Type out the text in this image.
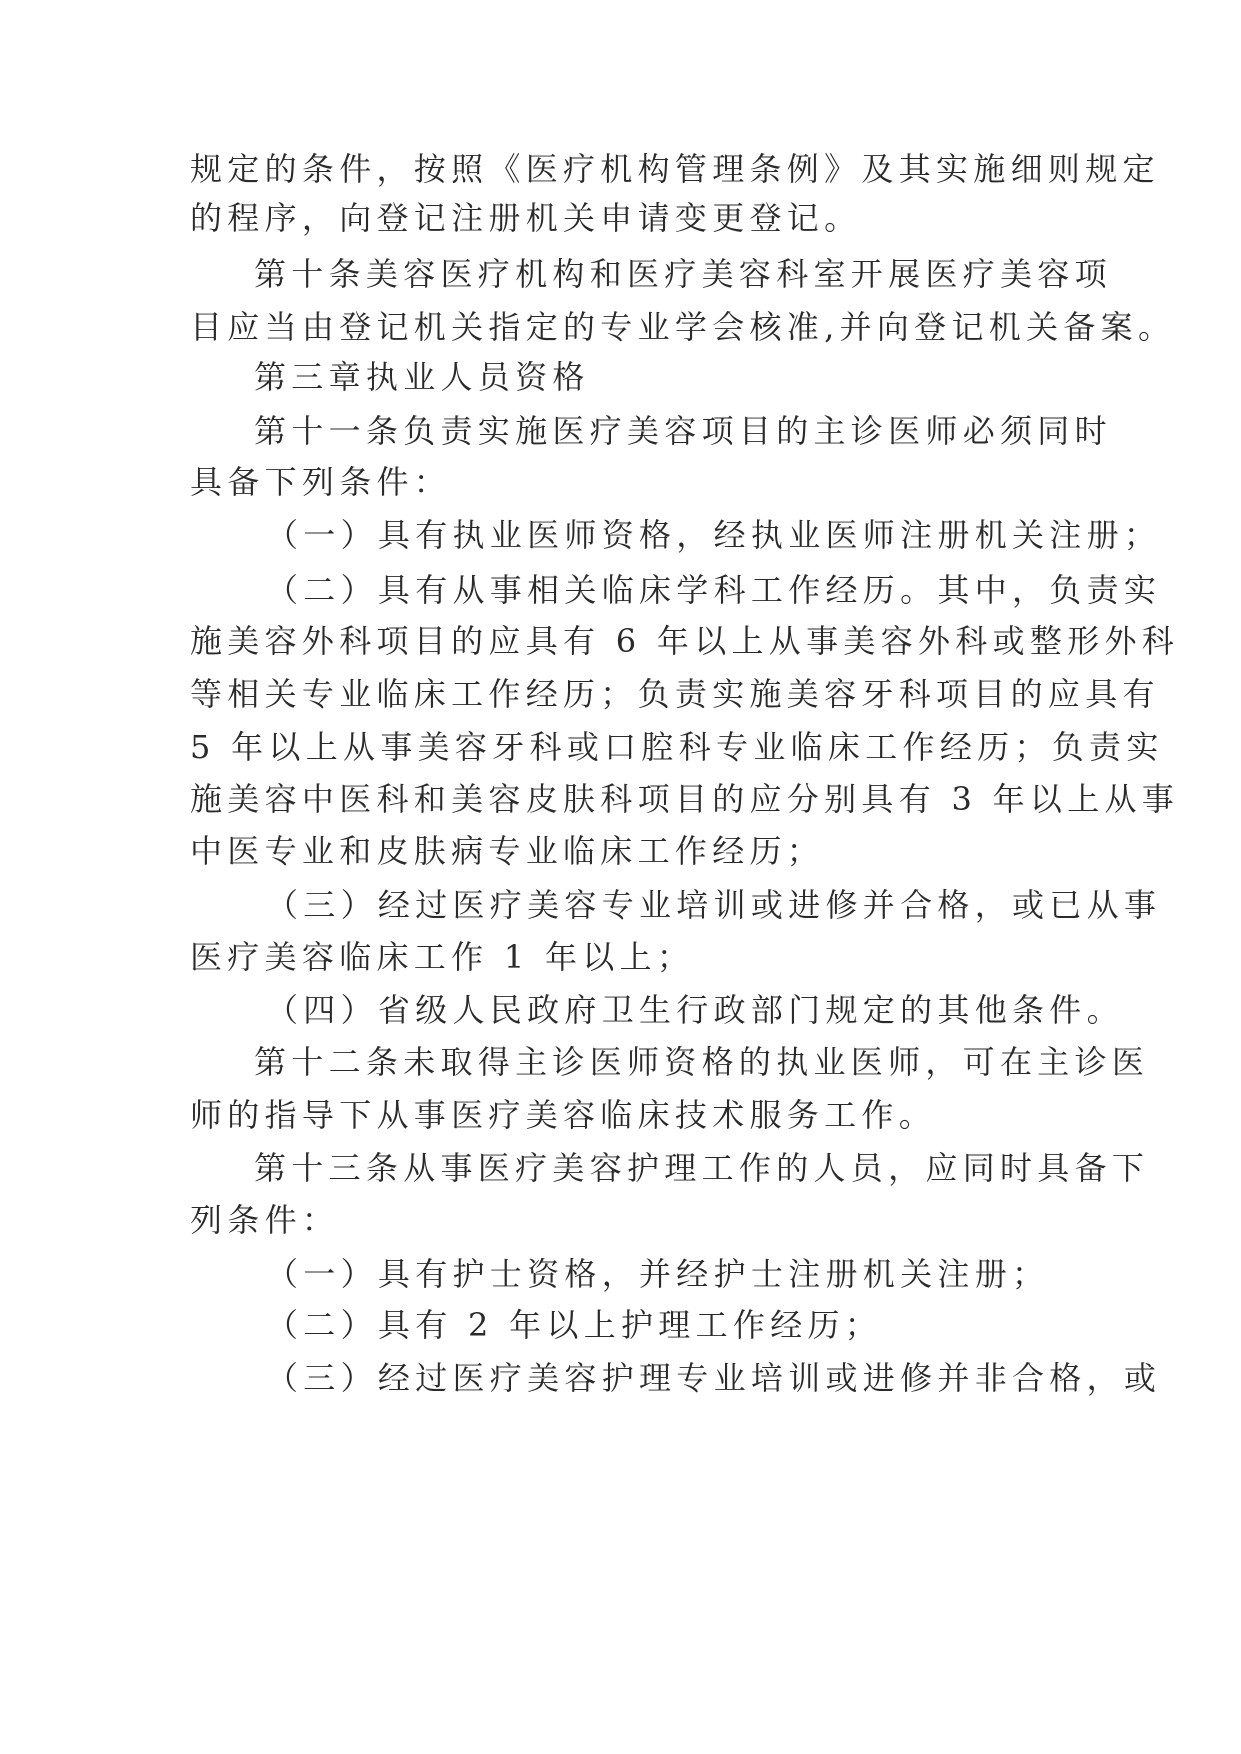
规定的条件，按照《医疗机构管理条例》及其实施细则规定
的程序，向登记注册机关申请变更登记。
第十条美容医疗机构和医疗美容科室开展医疗美容项
目应当由登记机关指定的专业学会核准,并向登记机关备案。
第三章执业人员资格
第十一条负责实施医疗美容项目的主诊医师必须同时
具备下列条件：
（一）具有执业医师资格，经执业医师注册机关注册；
（二）具有从事相关临床学科工作经历。其中，负责实
施美容外科项目的应具有 6 年以上从事美容外科或整形外科
等相关专业临床工作经历；负责实施美容牙科项目的应具有
5 年以上从事美容牙科或口腔科专业临床工作经历；负责实
施美容中医科和美容皮肤科项目的应分别具有 3 年以上从事
中医专业和皮肤病专业临床工作经历；
（三）经过医疗美容专业培训或进修并合格，或已从事
医疗美容临床工作 1 年以上；
（四）省级人民政府卫生行政部门规定的其他条件。
第十二条未取得主诊医师资格的执业医师，可在主诊医
师的指导下从事医疗美容临床技术服务工作。
第十三条从事医疗美容护理工作的人员，应同时具备下
列条件：
（一）具有护士资格，并经护士注册机关注册；
（二）具有 2 年以上护理工作经历；
（三）经过医疗美容护理专业培训或进修并非合格，或
